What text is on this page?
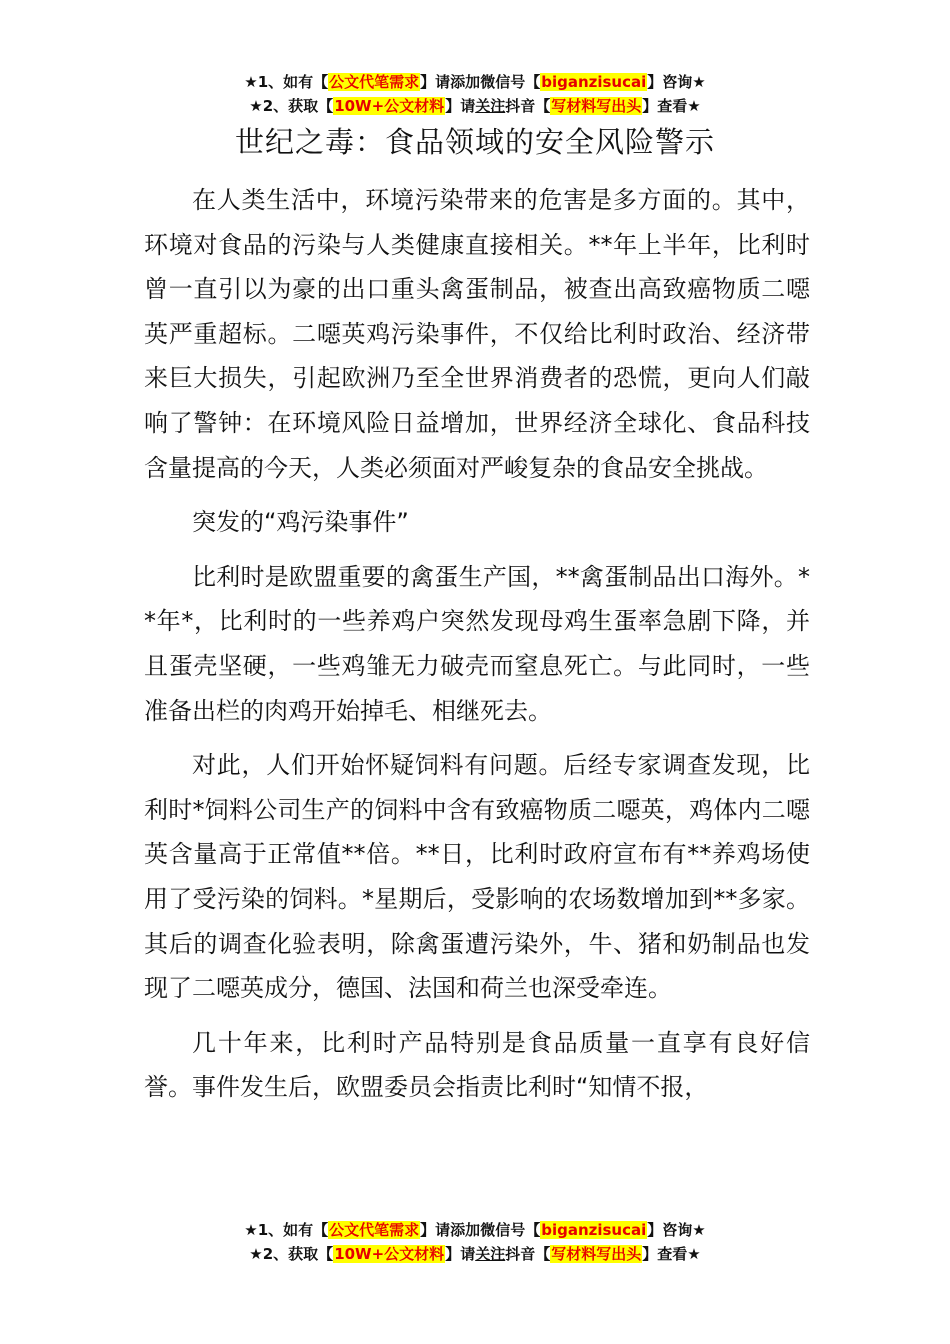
★1、如有【公文代笔需求】请添加微信号【biganzisucai】咨询★
★2、获取【10W+公文材料】请关注抖音【写材料写出头】查看★
世纪之毒：食品领域的安全风险警示

在人类生活中，环境污染带来的危害是多方面的。其中，环境对食品的污染与人类健康直接相关。**年上半年，比利时曾一直引以为豪的出口重头禽蛋制品，被查出高致癌物质二噁英严重超标。二噁英鸡污染事件，不仅给比利时政治、经济带来巨大损失，引起欧洲乃至全世界消费者的恐慌，更向人们敲响了警钟：在环境风险日益增加，世界经济全球化、食品科技含量提高的今天，人类必须面对严峻复杂的食品安全挑战。

突发的“鸡污染事件”

比利时是欧盟重要的禽蛋生产国，**禽蛋制品出口海外。**年*，比利时的一些养鸡户突然发现母鸡生蛋率急剧下降，并且蛋壳坚硬，一些鸡雏无力破壳而窒息死亡。与此同时，一些准备出栏的肉鸡开始掉毛、相继死去。

对此，人们开始怀疑饲料有问题。后经专家调查发现，比利时*饲料公司生产的饲料中含有致癌物质二噁英，鸡体内二噁英含量高于正常值**倍。**日，比利时政府宣布有**养鸡场使用了受污染的饲料。*星期后，受影响的农场数增加到**多家。其后的调查化验表明，除禽蛋遭污染外，牛、猪和奶制品也发现了二噁英成分，德国、法国和荷兰也深受牵连。

几十年来，比利时产品特别是食品质量一直享有良好信誉。事件发生后，欧盟委员会指责比利时“知情不报，

★1、如有【公文代笔需求】请添加微信号【biganzisucai】咨询★
★2、获取【10W+公文材料】请关注抖音【写材料写出头】查看★
